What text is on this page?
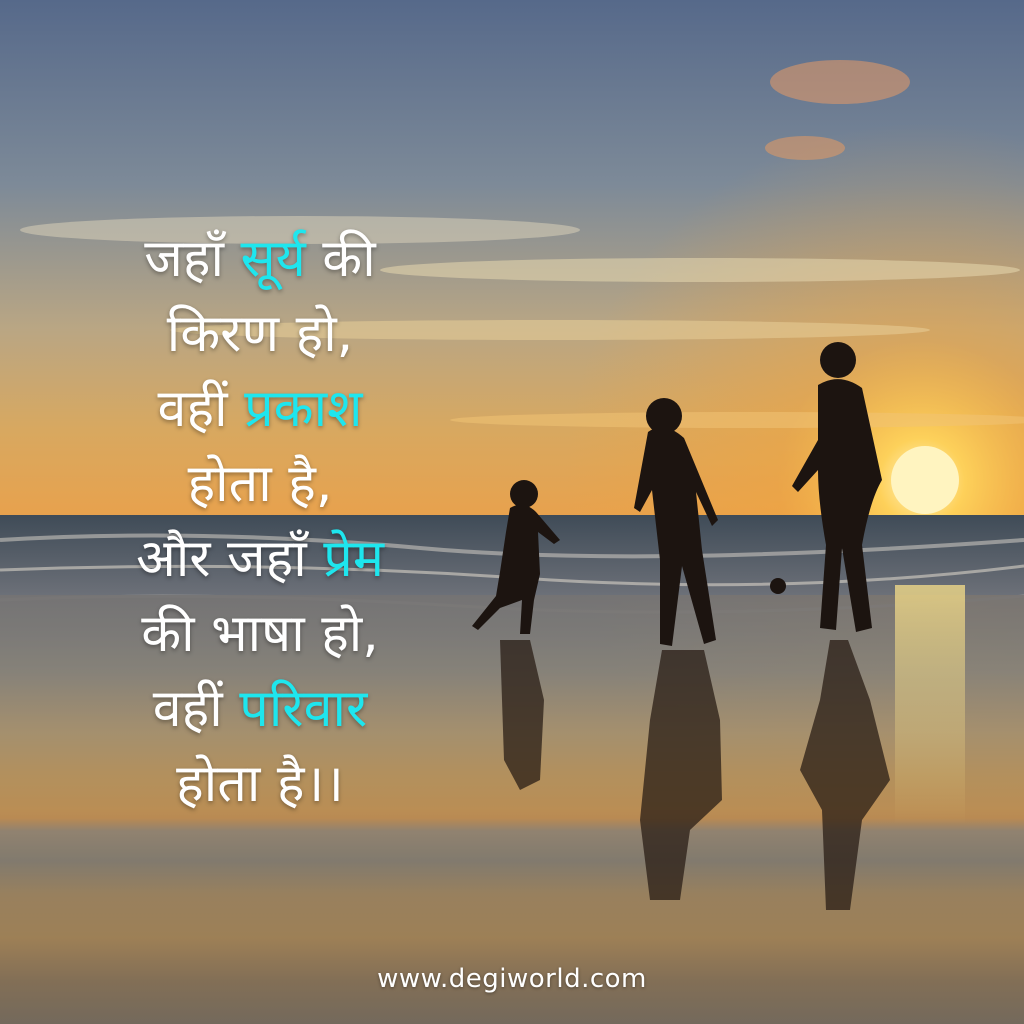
जहाँ सूर्य की
किरण हो,
वहीं प्रकाश
होता है,
और जहाँ प्रेम
की भाषा हो,
वहीं परिवार
होता है।।
www.degiworld.com
